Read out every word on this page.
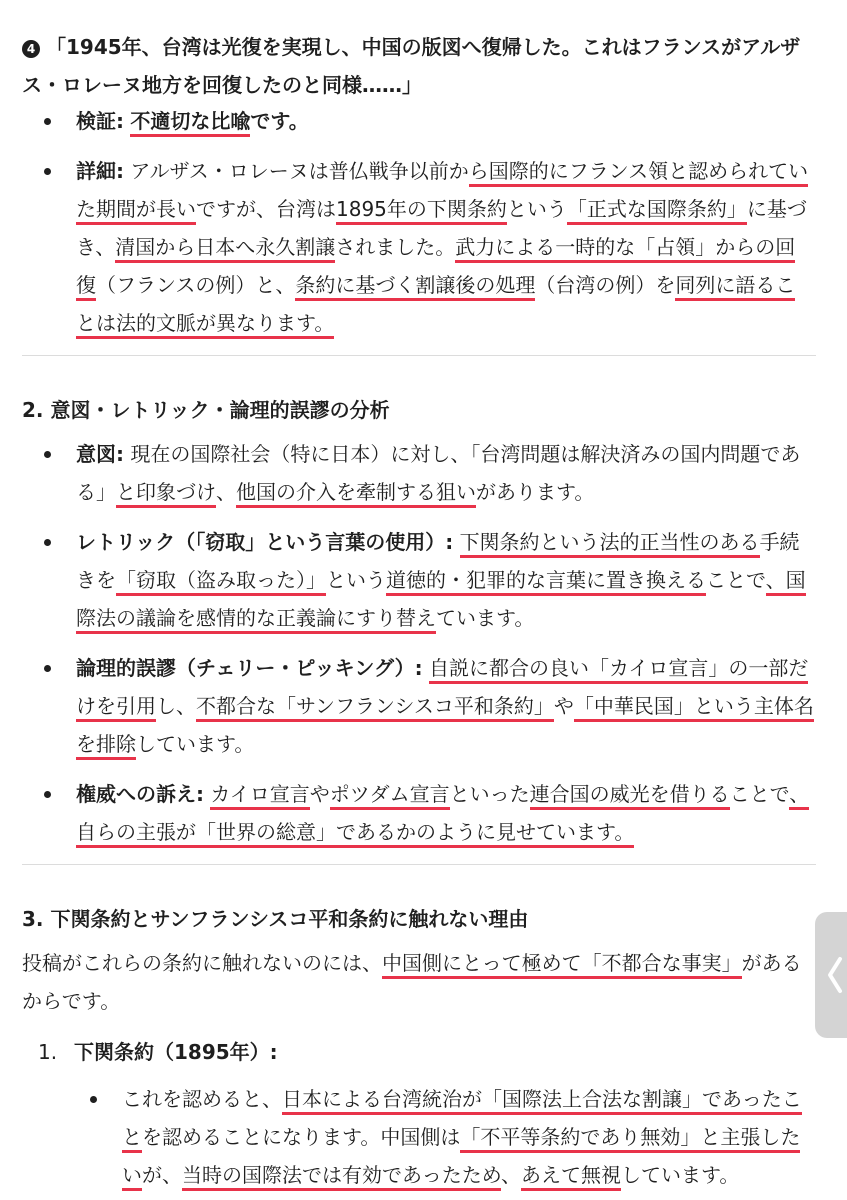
4 「1945年、台湾は光復を実現し、中国の版図へ復帰した。これはフランスがアルザス・ロレーヌ地方を回復したのと同様……」

検証: 不適切な比喩です。
詳細: アルザス・ロレーヌは普仏戦争以前から国際的にフランス領と認められていた期間が長いですが、台湾は1895年の下関条約という「正式な国際条約」に基づき、清国から日本へ永久割譲されました。武力による一時的な「占領」からの回復（フランスの例）と、条約に基づく割譲後の処理（台湾の例）を同列に語ることは法的文脈が異なります。
2. 意図・レトリック・論理的誤謬の分析
意図: 現在の国際社会（特に日本）に対し、「台湾問題は解決済みの国内問題である」と印象づけ、他国の介入を牽制する狙いがあります。
レトリック（「窃取」という言葉の使用）: 下関条約という法的正当性のある手続きを「窃取（盗み取った）」という道徳的・犯罪的な言葉に置き換えることで、国際法の議論を感情的な正義論にすり替えています。
論理的誤謬（チェリー・ピッキング）: 自説に都合の良い「カイロ宣言」の一部だけを引用し、不都合な「サンフランシスコ平和条約」や「中華民国」という主体名を排除しています。
権威への訴え: カイロ宣言やポツダム宣言といった連合国の威光を借りることで、自らの主張が「世界の総意」であるかのように見せています。
3. 下関条約とサンフランシスコ平和条約に触れない理由

投稿がこれらの条約に触れないのには、中国側にとって極めて「不都合な事実」があるからです。

1. 下関条約（1895年）:

これを認めると、日本による台湾統治が「国際法上合法な割譲」であったことを認めることになります。中国側は「不平等条約であり無効」と主張したいが、当時の国際法では有効であったため、あえて無視しています。
